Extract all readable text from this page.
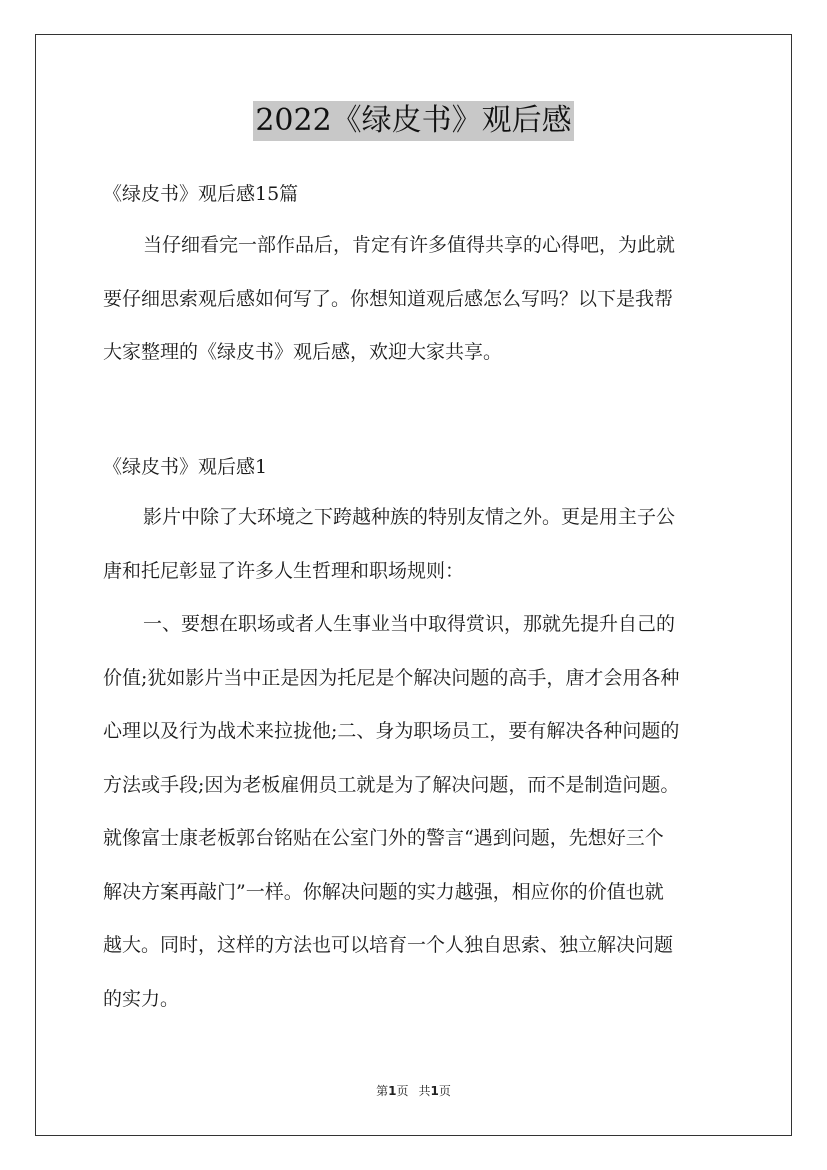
2022《绿皮书》观后感
《绿皮书》观后感15篇
当仔细看完一部作品后，肯定有许多值得共享的心得吧，为此就
要仔细思索观后感如何写了。你想知道观后感怎么写吗？以下是我帮
大家整理的《绿皮书》观后感，欢迎大家共享。
《绿皮书》观后感1
影片中除了大环境之下跨越种族的特别友情之外。更是用主子公
唐和托尼彰显了许多人生哲理和职场规则：
一、要想在职场或者人生事业当中取得赏识，那就先提升自己的
价值;犹如影片当中正是因为托尼是个解决问题的高手，唐才会用各种
心理以及行为战术来拉拢他;二、身为职场员工，要有解决各种问题的
方法或手段;因为老板雇佣员工就是为了解决问题，而不是制造问题。
就像富士康老板郭台铭贴在公室门外的警言“遇到问题，先想好三个
解决方案再敲门”一样。你解决问题的实力越强，相应你的价值也就
越大。同时，这样的方法也可以培育一个人独自思索、独立解决问题
的实力。
第1页 共1页
